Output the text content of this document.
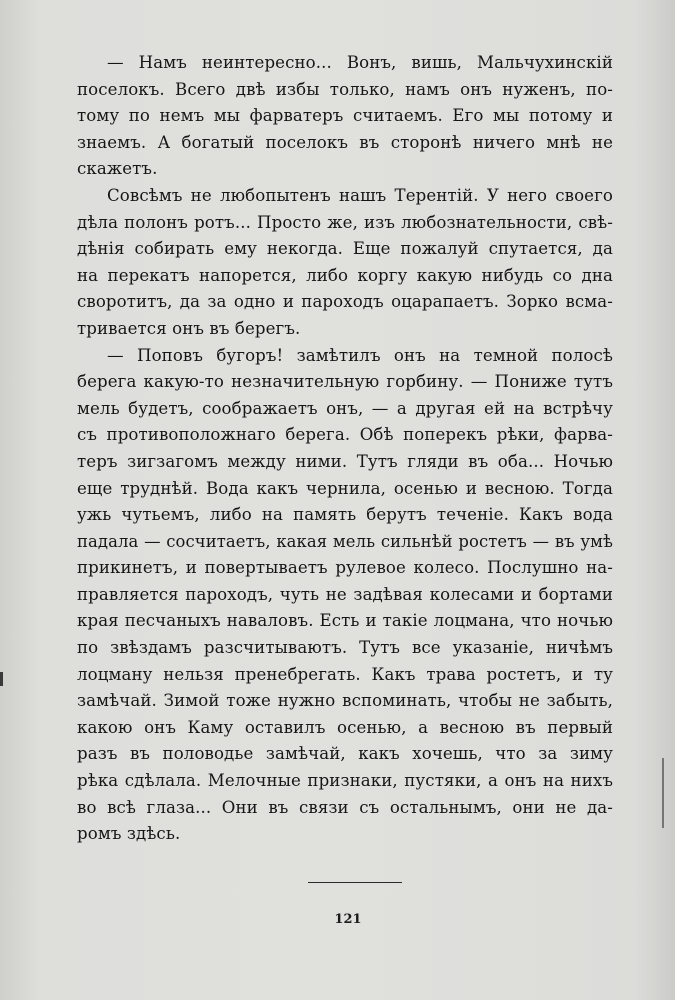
— Намъ неинтересно... Вонъ, вишь, Мальчухинскій
поселокъ. Всего двѣ избы только, намъ онъ нуженъ, по-
тому по немъ мы фарватеръ считаемъ. Его мы потому и
знаемъ. А богатый поселокъ въ сторонѣ ничего мнѣ не
скажетъ.
Совсѣмъ не любопытенъ нашъ Терентій. У него своего
дѣла полонъ ротъ... Просто же, изъ любознательности, свѣ-
дѣнія собирать ему некогда. Еще пожалуй спутается, да
на перекатъ напорется, либо коргу какую нибудь со дна
своротитъ, да за одно и пароходъ оцарапаетъ. Зорко всма-
тривается онъ въ берегъ.
— Поповъ бугоръ! замѣтилъ онъ на темной полосѣ
берега какую-то незначительную горбину. — Пониже тутъ
мель будетъ, соображаетъ онъ, — а другая ей на встрѣчу
съ противоположнаго берега. Обѣ поперекъ рѣки, фарва-
теръ зигзагомъ между ними. Тутъ гляди въ оба... Ночью
еще труднѣй. Вода какъ чернила, осенью и весною. Тогда
ужь чутьемъ, либо на память берутъ теченіе. Какъ вода
падала — сосчитаетъ, какая мель сильнѣй ростетъ — въ умѣ
прикинетъ, и повертываетъ рулевое колесо. Послушно на-
правляется пароходъ, чуть не задѣвая колесами и бортами
края песчаныхъ наваловъ. Есть и такіе лоцмана, что ночью
по звѣздамъ разсчитываютъ. Тутъ все указаніе, ничѣмъ
лоцману нельзя пренебрегать. Какъ трава ростетъ, и ту
замѣчай. Зимой тоже нужно вспоминать, чтобы не забыть,
какою онъ Каму оставилъ осенью, а весною въ первый
разъ въ половодье замѣчай, какъ хочешь, что за зиму
рѣка сдѣлала. Мелочные признаки, пустяки, а онъ на нихъ
во всѣ глаза... Они въ связи съ остальнымъ, они не да-
ромъ здѣсь.
121
